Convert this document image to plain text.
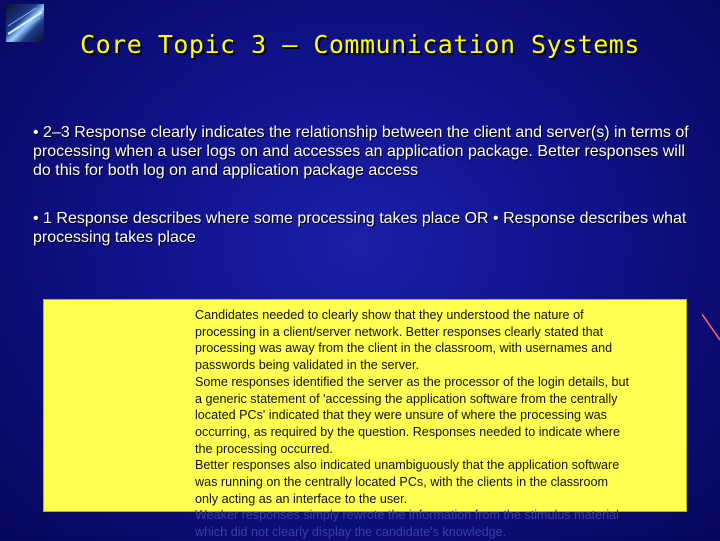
Core Topic 3 – Communication Systems
• 2–3 Response clearly indicates the relationship between the client and server(s) in terms of processing when a user logs on and accesses an application package. Better responses will do this for both log on and application package access
• 1 Response describes where some processing takes place OR • Response describes what processing takes place
Candidates needed to clearly show that they understood the nature of
processing in a client/server network. Better responses clearly stated that
processing was away from the client in the classroom, with usernames and
passwords being validated in the server.
Some responses identified the server as the processor of the login details, but
a generic statement of 'accessing the application software from the centrally
located PCs' indicated that they were unsure of where the processing was
occurring, as required by the question. Responses needed to indicate where
the processing occurred.
Better responses also indicated unambiguously that the application software
was running on the centrally located PCs, with the clients in the classroom
only acting as an interface to the user.
Weaker responses simply rewrote the information from the stimulus material
which did not clearly display the candidate's knowledge.
